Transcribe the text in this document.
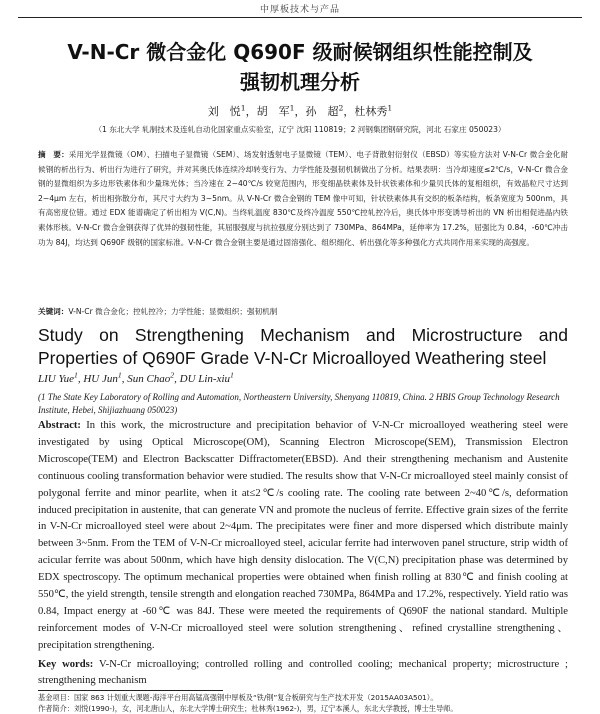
中厚板技术与产品
V-N-Cr 微合金化 Q690F 级耐候钢组织性能控制及
强韧机理分析
刘　悦$^1$，胡　军$^1$，孙　超$^2$，杜林秀$^1$
（1 东北大学 轧制技术及连轧自动化国家重点实验室，辽宁 沈阳 110819；2 河钢集团钢研究院，河北 石家庄 050023）
摘　要：采用光学显微镜（OM）、扫描电子显微镜（SEM）、场发射透射电子显微镜（TEM）、电子背散射衍射仪（EBSD）等实验方法对 V-N-Cr 微合金化耐候钢的析出行为、析出行为进行了研究，并对其奥氏体连续冷却转变行为、力学性能及强韧机制做出了分析。结果表明：当冷却速度≤2℃/s，V-N-Cr 微合金钢的显微组织为多边形铁素体和少量珠光体；当冷速在 2~40℃/s 较宽范围内，形变细晶铁素体及针状铁素体和少量贝氏体的复相组织，有效晶粒尺寸达到 2~4μm 左右，析出相弥散分布，其尺寸大约为 3~5nm。从 V-N-Cr 微合金钢的 TEM 像中可知，针状铁素体具有交织的板条结构，板条宽度为 500nm，具有高密度位错。通过 EDX 能谱确定了析出相为 V(C,N)。当终轧温度 830℃及终冷温度 550℃控轧控冷后，奥氏体中形变诱导析出的 VN 析出相促进晶内铁素体形核。V-N-Cr 微合金钢获得了优异的强韧性能，其屈服强度与抗拉强度分别达到了 730MPa、864MPa，延伸率为 17.2%，屈强比为 0.84，-60℃冲击功为 84J，均达到 Q690F 级钢的国家标准。V-N-Cr 微合金钢主要是通过固溶强化、组织细化、析出强化等多种强化方式共同作用来实现的高强度。
关键词：V-N-Cr 微合金化；控轧控冷；力学性能；显微组织；强韧机制
Study on Strengthening Mechanism and Microstructure and
Properties of Q690F Grade V-N-Cr Microalloyed Weathering steel
LIU Yue$^1$, HU Jun$^1$, Sun Chao$^2$, DU Lin-xiu$^1$
(1 The State Key Laboratory of Rolling and Automation, Northeastern University, Shenyang 110819, China. 2 HBIS Group Technology Research Institute, Hebei, Shijiazhuang 050023)
Abstract: In this work, the microstructure and precipitation behavior of V-N-Cr microalloyed weathering steel were investigated by using Optical Microscope(OM), Scanning Electron Microscope(SEM), Transmission Electron Microscope(TEM) and Electron Backscatter Diffractometer(EBSD). And their strengthening mechanism and Austenite continuous cooling transformation behavior were studied. The results show that V-N-Cr microalloyed steel mainly consist of polygonal ferrite and minor pearlite, when it at≤2℃/s cooling rate. The cooling rate between 2~40℃/s, deformation induced precipitation in austenite, that can generate VN and promote the nucleus of ferrite. Effective grain sizes of the ferrite in V-N-Cr microalloyed steel were about 2~4μm. The precipitates were finer and more dispersed which distribute mainly between 3~5nm. From the TEM of V-N-Cr microalloyed steel, acicular ferrite had interwoven panel structure, strip width of acicular ferrite was about 500nm, which have high density dislocation. The V(C,N) precipitation phase was determined by EDX spectroscopy. The optimum mechanical properties were obtained when finish rolling at 830℃ and finish cooling at 550℃, the yield strength, tensile strength and elongation reached 730MPa, 864MPa and 17.2%, respectively. Yield ratio was 0.84, Impact energy at -60℃ was 84J. These were meeted the requirements of Q690F the national standard. Multiple reinforcement modes of V-N-Cr microalloyed steel were solution strengthening、refined crystalline strengthening、precipitation strengthening.
Key words: V-N-Cr microalloying; controlled rolling and controlled cooling; mechanical property; microstructure ; strengthening mechanism
基金项目：国家 863 计划重大课题-海洋平台用高锰高强钢中厚板及“铁/钢”复合板研究与生产技术开发（2015AA03A501）。
作者简介：刘悦(1990-)，女，河北唐山人，东北大学博士研究生；杜林秀(1962-)，男，辽宁本溪人，东北大学教授，博士生导师。
